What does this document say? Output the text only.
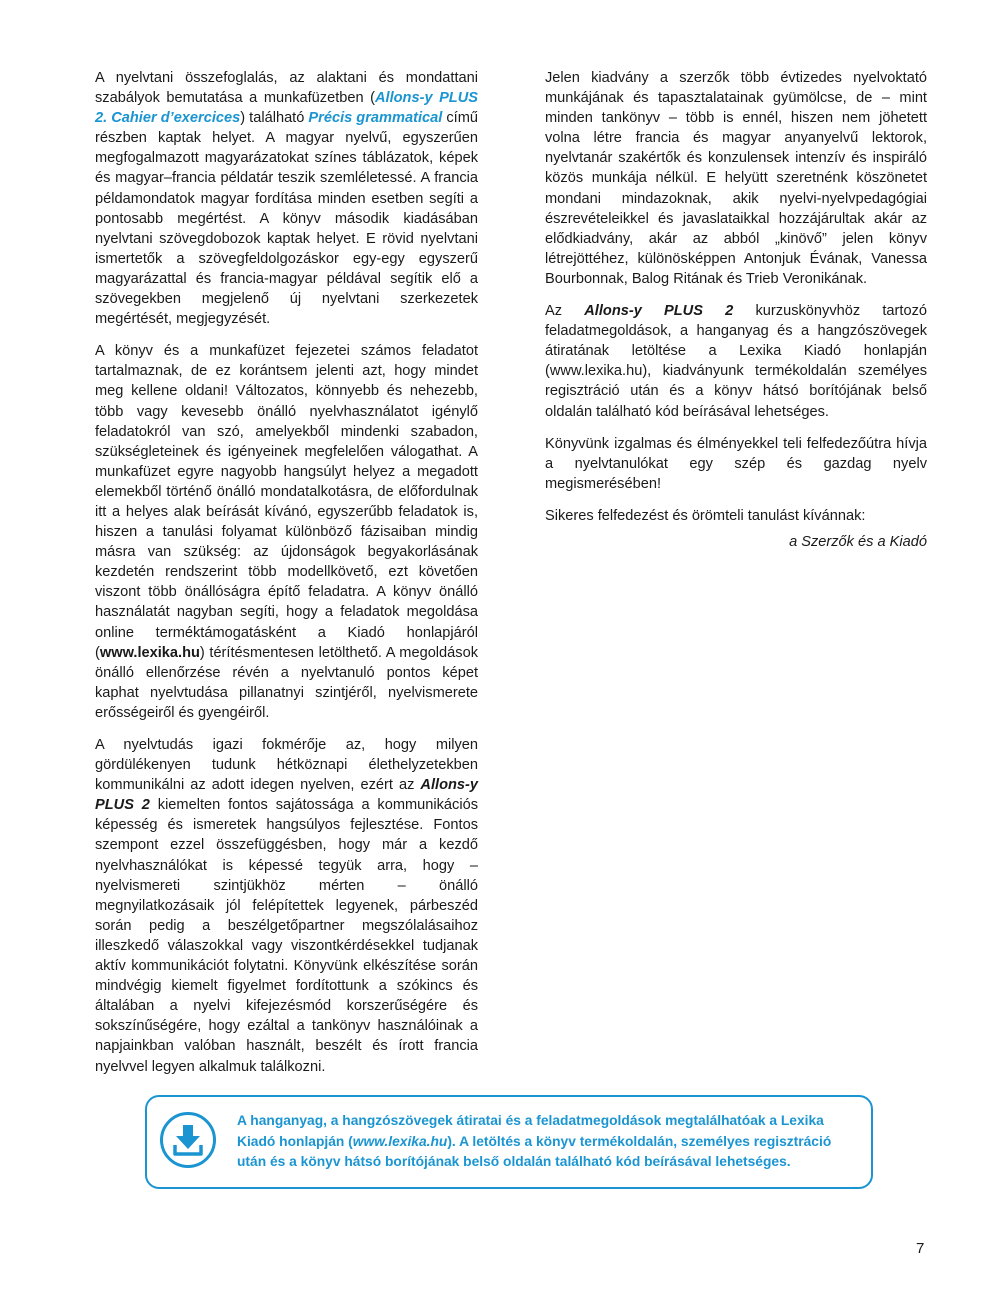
A nyelvtani összefoglalás, az alaktani és mondattani szabályok bemutatása a munkafüzetben (Allons-y PLUS 2. Cahier d’exercices) található Précis grammatical című részben kaptak helyet. A magyar nyelvű, egyszerűen megfogalmazott magyarázatokat színes táblázatok, képek és magyar–francia példatár teszik szemléletessé. A francia példamondatok magyar fordítása minden esetben segíti a pontosabb megértést. A könyv második kiadásában nyelvtani szövegdobozok kaptak helyet. E rövid nyelvtani ismertetők a szövegfeldolgozáskor egy-egy egyszerű magyarázattal és francia-magyar példával segítik elő a szövegekben megjelenő új nyelvtani szerkezetek megértését, megjegyzését.

A könyv és a munkafüzet fejezetei számos feladatot tartalmaznak, de ez korántsem jelenti azt, hogy mindet meg kellene oldani! Változatos, könnyebb és nehezebb, több vagy kevesebb önálló nyelvhasználatot igénylő feladatokról van szó, amelyekből mindenki szabadon, szükségleteinek és igényeinek megfelelően válogathat. A munkafüzet egyre nagyobb hangsúlyt helyez a megadott elemekből történő önálló mondatalkotásra, de előfordulnak itt a helyes alak beírását kívánó, egyszerűbb feladatok is, hiszen a tanulási folyamat különböző fázisaiban mindig másra van szükség: az újdonságok begyakorlásának kezdetén rendszerint több modellkövető, ezt követően viszont több önállóságra építő feladatra. A könyv önálló használatát nagyban segíti, hogy a feladatok megoldása online terméktámogatásként a Kiadó honlapjáról (www.lexika.hu) térítésmentesen letölthető. A megoldások önálló ellenőrzése révén a nyelvtanuló pontos képet kaphat nyelvtudása pillanatnyi szintjéről, nyelvismerete erősségeiről és gyengéiről.

A nyelvtudás igazi fokmérője az, hogy milyen gördülékenyen tudunk hétköznapi élethelyzetekben kommunikálni az adott idegen nyelven, ezért az Allons-y PLUS 2 kiemelten fontos sajátossága a kommunikációs képesség és ismeretek hangsúlyos fejlesztése. Fontos szempont ezzel összefüggésben, hogy már a kezdő nyelvhasználókat is képessé tegyük arra, hogy – nyelvismereti szintjükhöz mérten – önálló megnyilatkozásaik jól felépítettek legyenek, párbeszéd során pedig a beszélgetőpartner megszólalásaihoz illeszkedő válaszokkal vagy viszontkérdésekkel tudjanak aktív kommunikációt folytatni. Könyvünk elkészítése során mindvégig kiemelt figyelmet fordítottunk a szókincs és általában a nyelvi kifejezésmód korszerűségére és sokszínűségére, hogy ezáltal a tankönyv használóinak a napjainkban valóban használt, beszélt és írott francia nyelvvel legyen alkalmuk találkozni.

Jelen kiadvány a szerzők több évtizedes nyelvoktató munkájának és tapasztalatainak gyümölcse, de – mint minden tankönyv – több is ennél, hiszen nem jöhetett volna létre francia és magyar anyanyelvű lektorok, nyelvtanár szakértők és konzulensek intenzív és inspiráló közös munkája nélkül. E helyütt szeretnénk köszönetet mondani mindazoknak, akik nyelvi-nyelvpedagógiai észrevételeikkel és javaslataikkal hozzájárultak akár az elődkiadvány, akár az abból „kinövő” jelen könyv létrejöttéhez, különösképpen Antonjuk Évának, Vanessa Bourbonnak, Balog Ritának és Trieb Veronikának.

Az Allons-y PLUS 2 kurzuskönyvhöz tartozó feladatmegoldások, a hanganyag és a hangzószövegek átiratának letöltése a Lexika Kiadó honlapján (www.lexika.hu), kiadványunk termékoldalán személyes regisztráció után és a könyv hátsó borítójának belső oldalán található kód beírásával lehetséges.

Könyvünk izgalmas és élményekkel teli felfedezőútra hívja a nyelvtanulókat egy szép és gazdag nyelv megismerésében!

Sikeres felfedezést és örömteli tanulást kívánnak:

a Szerzők és a Kiadó

A hanganyag, a hangzószövegek átiratai és a feladatmegoldások megtalálhatóak a Lexika Kiadó honlapján (www.lexika.hu). A letöltés a könyv termékoldalán, személyes regisztráció után és a könyv hátsó borítójának belső oldalán található kód beírásával lehetséges.
7
